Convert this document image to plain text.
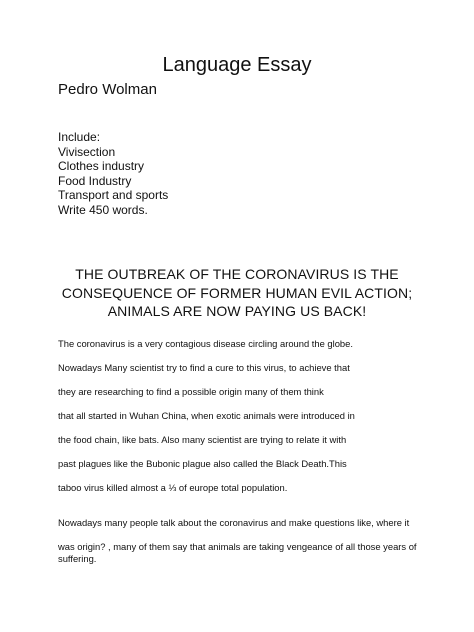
Language Essay
Pedro Wolman
Include:
Vivisection
Clothes industry
Food Industry
Transport and sports
Write 450 words.
THE OUTBREAK OF THE CORONAVIRUS IS THE CONSEQUENCE OF FORMER HUMAN EVIL ACTION; ANIMALS ARE NOW PAYING US BACK!
The coronavirus is a very contagious disease circling around the globe.
Nowadays Many scientist try to find a cure to this virus, to achieve that
they are researching to find a possible origin many of them think
that all started in Wuhan China, when exotic animals were introduced in
the food chain, like bats. Also many scientist are trying to relate it with
past plagues like the Bubonic plague also called the Black Death.This
taboo virus killed almost a ⅓ of europe total population.
Nowadays many people talk about the coronavirus and make questions like, where it
was origin? , many of them say that animals are taking vengeance of all those years of suffering.
